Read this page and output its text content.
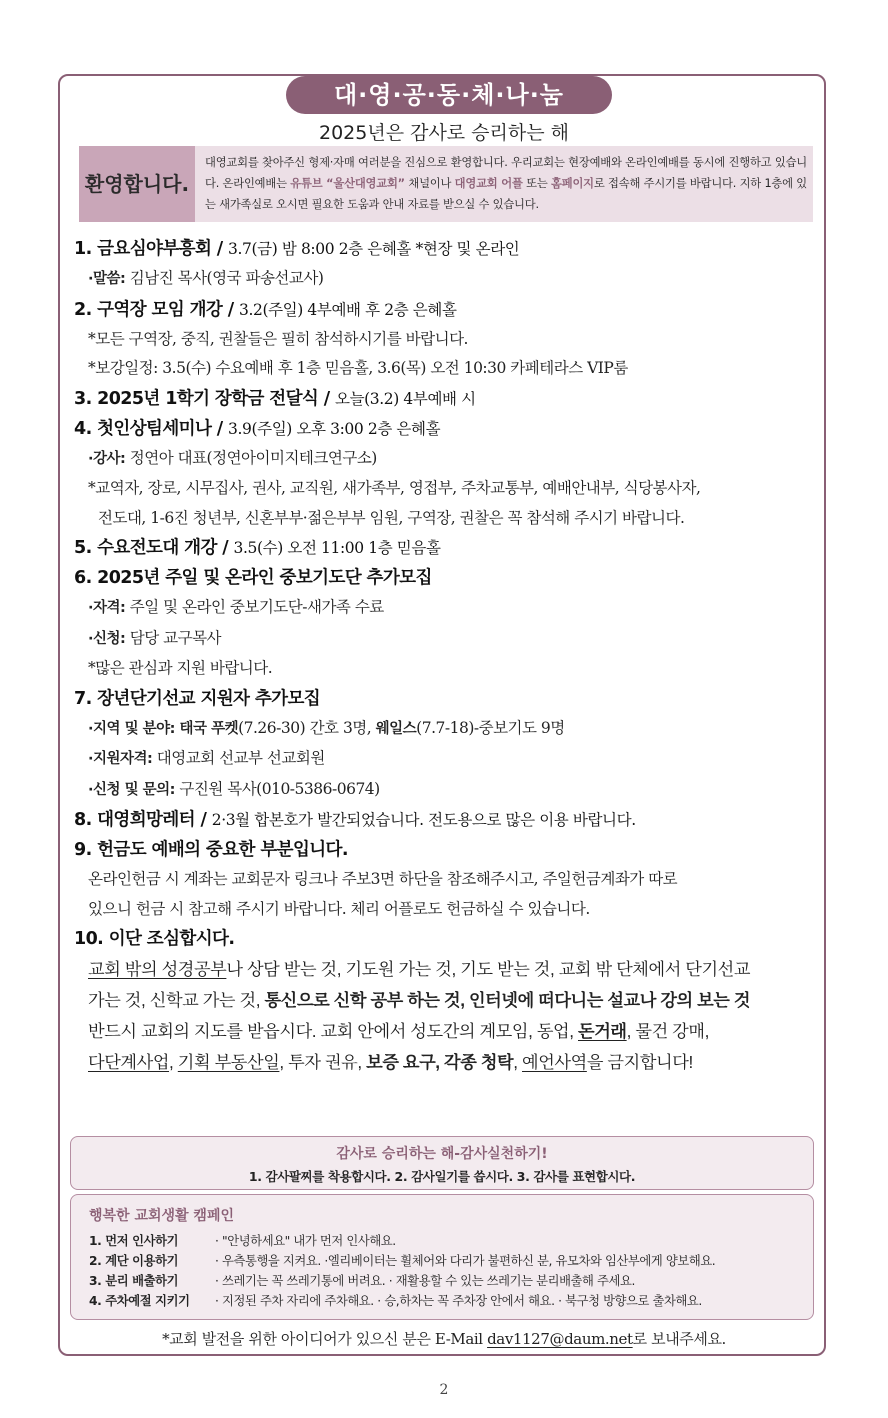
대·영·공·동·체·나·눔
2025년은 감사로 승리하는 해
환영합니다.
대영교회를 찾아주신 형제·자매 여러분을 진심으로 환영합니다. 우리교회는 현장예배와 온라인예배를 동시에 진행하고 있습니다. 온라인예배는 유튜브 “울산대영교회” 채널이나 대영교회 어플 또는 홈페이지로 접속해 주시기를 바랍니다. 지하 1층에 있는 새가족실로 오시면 필요한 도움과 안내 자료를 받으실 수 있습니다.
1. 금요심야부흥회 / 3.7(금) 밤 8:00 2층 은혜홀 *현장 및 온라인
·말씀: 김남진 목사(영국 파송선교사)
2. 구역장 모임 개강 / 3.2(주일) 4부예배 후 2층 은혜홀
*모든 구역장, 중직, 권찰들은 필히 참석하시기를 바랍니다.
*보강일정: 3.5(수) 수요예배 후 1층 믿음홀, 3.6(목) 오전 10:30 카페테라스 VIP룸
3. 2025년 1학기 장학금 전달식 / 오늘(3.2) 4부예배 시
4. 첫인상팀세미나 / 3.9(주일) 오후 3:00 2층 은혜홀
·강사: 정연아 대표(정연아이미지테크연구소)
*교역자, 장로, 시무집사, 권사, 교직원, 새가족부, 영접부, 주차교통부, 예배안내부, 식당봉사자,
전도대, 1-6진 청년부, 신혼부부·젊은부부 임원, 구역장, 권찰은 꼭 참석해 주시기 바랍니다.
5. 수요전도대 개강 / 3.5(수) 오전 11:00 1층 믿음홀
6. 2025년 주일 및 온라인 중보기도단 추가모집
·자격: 주일 및 온라인 중보기도단-새가족 수료
·신청: 담당 교구목사
*많은 관심과 지원 바랍니다.
7. 장년단기선교 지원자 추가모집
·지역 및 분야: 태국 푸켓(7.26-30) 간호 3명, 웨일스(7.7-18)-중보기도 9명
·지원자격: 대영교회 선교부 선교회원
·신청 및 문의: 구진원 목사(010-5386-0674)
8. 대영희망레터 / 2·3월 합본호가 발간되었습니다. 전도용으로 많은 이용 바랍니다.
9. 헌금도 예배의 중요한 부분입니다.
온라인헌금 시 계좌는 교회문자 링크나 주보3면 하단을 참조해주시고, 주일헌금계좌가 따로
있으니 헌금 시 참고해 주시기 바랍니다. 체리 어플로도 헌금하실 수 있습니다.
10. 이단 조심합시다.
교회 밖의 성경공부나 상담 받는 것, 기도원 가는 것, 기도 받는 것, 교회 밖 단체에서 단기선교
가는 것, 신학교 가는 것, 통신으로 신학 공부 하는 것, 인터넷에 떠다니는 설교나 강의 보는 것
반드시 교회의 지도를 받읍시다. 교회 안에서 성도간의 계모임, 동업, 돈거래, 물건 강매,
다단계사업, 기획 부동산일, 투자 권유, 보증 요구, 각종 청탁, 예언사역을 금지합니다!
감사로 승리하는 해-감사실천하기!
1. 감사팔찌를 착용합시다. 2. 감사일기를 씁시다. 3. 감사를 표현합시다.
행복한 교회생활 캠페인
1. 먼저 인사하기	· "안녕하세요" 내가 먼저 인사해요.
2. 계단 이용하기	· 우측통행을 지켜요. ·엘리베이터는 휠체어와 다리가 불편하신 분, 유모차와 임산부에게 양보해요.
3. 분리 배출하기	· 쓰레기는 꼭 쓰레기통에 버려요. · 재활용할 수 있는 쓰레기는 분리배출해 주세요.
4. 주차예절 지키기 · 지정된 주차 자리에 주차해요. · 승,하차는 꼭 주차장 안에서 해요. · 북구청 방향으로 출차해요.
*교회 발전을 위한 아이디어가 있으신 분은 E-Mail dav1127@daum.net로 보내주세요.
2
